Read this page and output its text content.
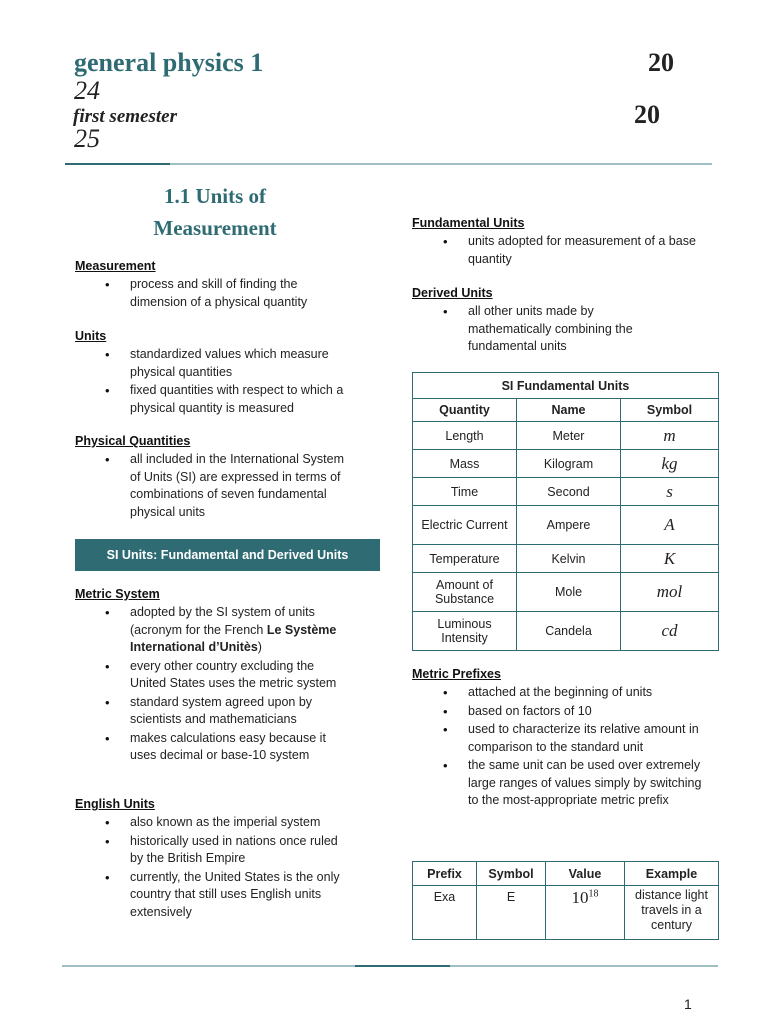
general physics 1	20
24
first semester	20
25
1.1 Units of Measurement
Measurement
• process and skill of finding the dimension of a physical quantity
Units
• standardized values which measure physical quantities
• fixed quantities with respect to which a physical quantity is measured
Physical Quantities
• all included in the International System of Units (SI) are expressed in terms of combinations of seven fundamental physical units
SI Units: Fundamental and Derived Units
Metric System
• adopted by the SI system of units (acronym for the French Le Système International d’Unitès)
• every other country excluding the United States uses the metric system
• standard system agreed upon by scientists and mathematicians
• makes calculations easy because it uses decimal or base-10 system
English Units
• also known as the imperial system
• historically used in nations once ruled by the British Empire
• currently, the United States is the only country that still uses English units extensively
Fundamental Units
• units adopted for measurement of a base quantity
Derived Units
• all other units made by mathematically combining the fundamental units
SI Fundamental Units		
Quantity	Name	Symbol
Length	Meter	m
Mass	Kilogram	kg
Time	Second	s
Electric Current	Ampere	A
Temperature	Kelvin	K
Amount of Substance	Mole	mol
Luminous Intensity	Candela	cd
Metric Prefixes
• attached at the beginning of units
• based on factors of 10
• used to characterize its relative amount in comparison to the standard unit
• the same unit can be used over extremely large ranges of values simply by switching to the most-appropriate metric prefix
Prefix	Symbol	Value	Example
Exa	E	$10^{18}$	distance light travels in a century
1
